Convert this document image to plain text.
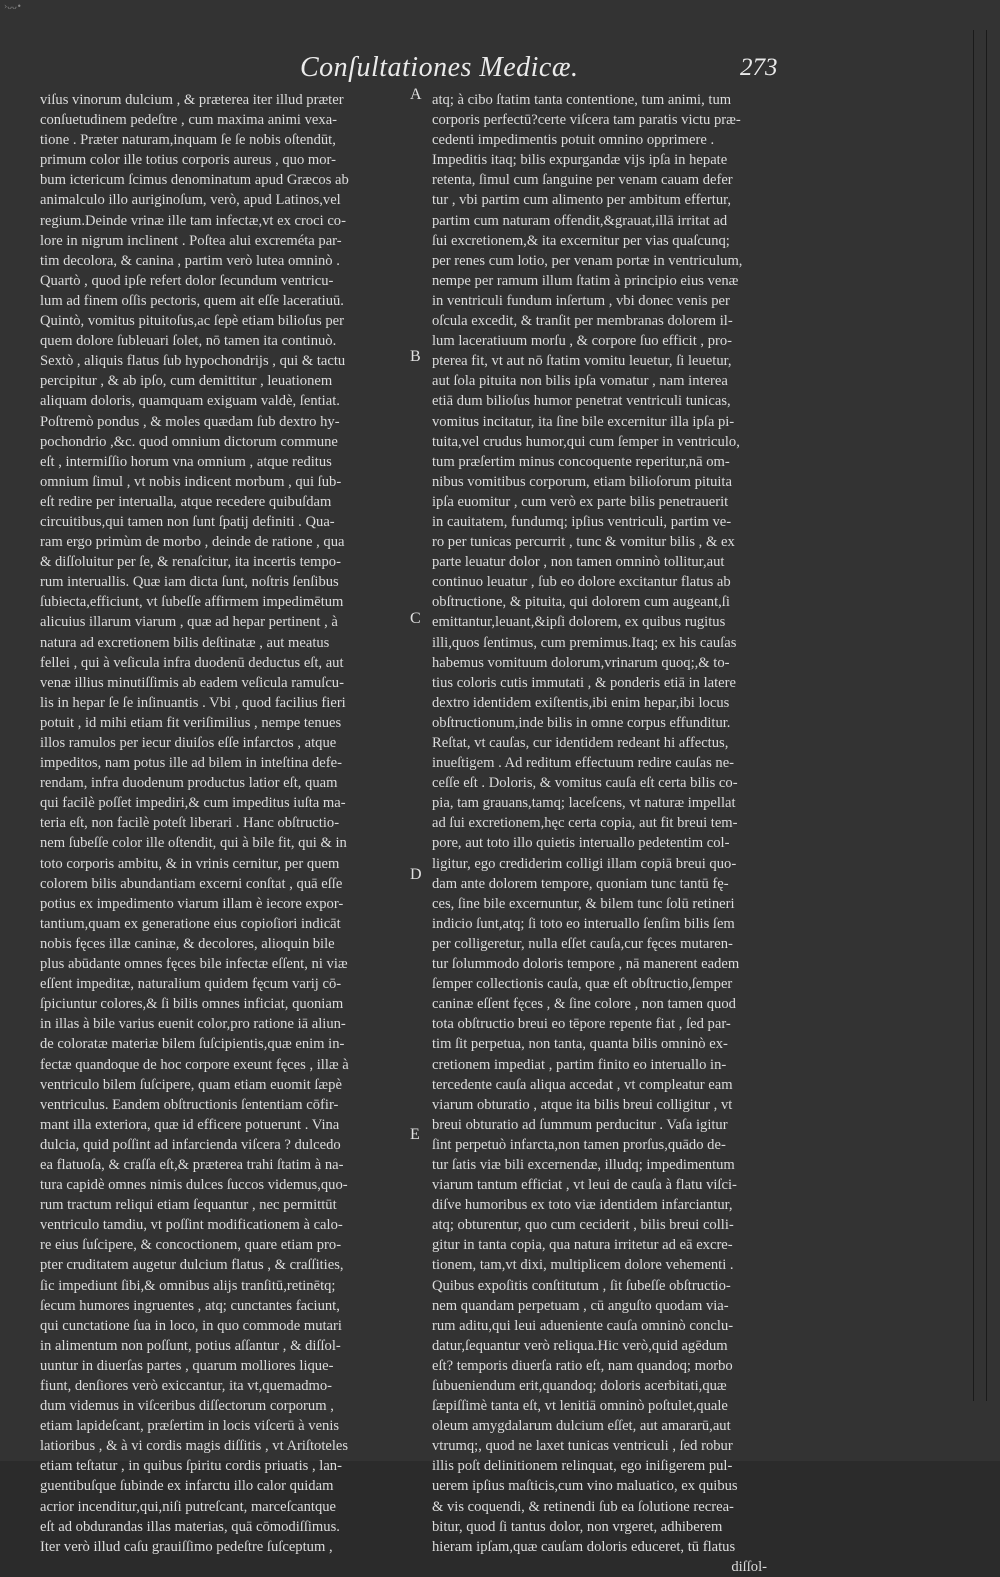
›ᴗᴗ•
Conſultationes Medicæ.	273
viſus vinorum dulcium , & præterea iter illud præter
conſuetudinem pedeſtre , cum maxima animi vexa-
tione . Præter naturam,inquam ſe ſe nobis oſtendūt,
primum color ille totius corporis aureus , quo mor-
bum ictericum ſcimus denominatum apud Græcos ab
animalculo illo auriginoſum, verò, apud Latinos,vel
regium.Deinde vrinæ ille tam infectæ,vt ex croci co-
lore in nigrum inclinent . Poſtea alui excreméta par-
tim decolora, & canina , partim verò lutea omninò .
Quartò , quod ipſe refert dolor ſecundum ventricu-
lum ad finem oſſis pectoris, quem ait eſſe laceratiuū.
Quintò, vomitus pituitoſus,ac ſepè etiam bilioſus per
quem dolore ſubleuari ſolet, nō tamen ita continuò.
Sextò , aliquis flatus ſub hypochondrijs , qui & tactu
percipitur , & ab ipſo, cum demittitur , leuationem
aliquam doloris, quamquam exiguam valdè, ſentiat.
Poſtremò pondus , & moles quædam ſub dextro hy-
pochondrio ,&c. quod omnium dictorum commune
eſt , intermiſſio horum vna omnium , atque reditus
omnium ſimul , vt nobis indicent morbum , qui ſub-
eſt redire per interualla, atque recedere quibuſdam
circuitibus,qui tamen non ſunt ſpatij definiti . Qua-
ram ergo primùm de morbo , deinde de ratione , qua
& diſſoluitur per ſe, & renaſcitur, ita incertis tempo-
rum interuallis. Quæ iam dicta ſunt, noſtris ſenſibus
ſubiecta,efficiunt, vt ſubeſſe affirmem impedimētum
alicuius illarum viarum , quæ ad hepar pertinent , à
natura ad excretionem bilis deſtinatæ , aut meatus
fellei , qui à veſicula infra duodenū deductus eſt, aut
venæ illius minutiſſimis ab eadem veſicula ramuſcu-
lis in hepar ſe ſe inſinuantis . Vbi , quod facilius fieri
potuit , id mihi etiam fit veriſimilius , nempe tenues
illos ramulos per iecur diuiſos eſſe infarctos , atque
impeditos, nam potus ille ad bilem in inteſtina defe-
rendam, infra duodenum productus latior eſt, quam
qui facilè poſſet impediri,& cum impeditus iuſta ma-
teria eſt, non facilè poteſt liberari . Hanc obſtructio-
nem ſubeſſe color ille oſtendit, qui à bile fit, qui & in
toto corporis ambitu, & in vrinis cernitur, per quem
colorem bilis abundantiam excerni conſtat , quā eſſe
potius ex impedimento viarum illam è iecore expor-
tantium,quam ex generatione eius copioſiori indicāt
nobis fęces illæ caninæ, & decolores, alioquin bile
plus abūdante omnes fęces bile infectæ eſſent, ni viæ
eſſent impeditæ, naturalium quidem fęcum varij cō-
ſpiciuntur colores,& ſi bilis omnes inficiat, quoniam
in illas à bile varius euenit color,pro ratione iā aliun-
de coloratæ materiæ bilem ſuſcipientis,quæ enim in-
fectæ quandoque de hoc corpore exeunt fęces , illæ à
ventriculo bilem ſuſcipere, quam etiam euomit ſæpè
ventriculus. Eandem obſtructionis ſententiam cōfir-
mant illa exteriora, quæ id efficere potuerunt . Vina
dulcia, quid poſſint ad infarcienda viſcera ? dulcedo
ea flatuoſa, & craſſa eſt,& præterea trahi ſtatim à na-
tura capidè omnes nimis dulces ſuccos videmus,quo-
rum tractum reliqui etiam ſequantur , nec permittūt
ventriculo tamdiu, vt poſſint modificationem à calo-
re eius ſuſcipere, & concoctionem, quare etiam pro-
pter cruditatem augetur dulcium flatus , & craſſities,
ſic impediunt ſibi,& omnibus alijs tranſitū,retinētq;
ſecum humores ingruentes , atq; cunctantes faciunt,
qui cunctatione ſua in loco, in quo commode mutari
in alimentum non poſſunt, potius aſſantur , & diſſol-
uuntur in diuerſas partes , quarum molliores lique-
fiunt, denſiores verò exiccantur, ita vt,quemadmo-
dum videmus in viſceribus diſſectorum corporum ,
etiam lapideſcant, præſertim in locis viſcerū à venis
latioribus , & à vi cordis magis diſſitis , vt Ariſtoteles
etiam teſtatur , in quibus ſpiritu cordis priuatis , lan-
guentibuſque ſubinde ex infarctu illo calor quidam
acrior incenditur,qui,niſi putreſcant, marceſcantque
eſt ad obdurandas illas materias, quā cōmodiſſimus.
Iter verò illud caſu grauiſſimo pedeſtre ſuſceptum ,
atq; à cibo ſtatim tanta contentione, tum animi, tum
corporis perfectū?certe viſcera tam paratis victu præ-
cedenti impedimentis potuit omnino opprimere .
Impeditis itaq; bilis expurgandæ vijs ipſa in hepate
retenta, ſimul cum ſanguine per venam cauam defer
tur , vbi partim cum alimento per ambitum effertur,
partim cum naturam offendit,&grauat,illā irritat ad
ſui excretionem,& ita excernitur per vias quaſcunq;
per renes cum lotio, per venam portæ in ventriculum,
nempe per ramum illum ſtatim à principio eius venæ
in ventriculi fundum inſertum , vbi donec venis per
oſcula excedit, & tranſit per membranas dolorem il-
lum laceratiuum morſu , & corpore ſuo efficit , pro-
pterea fit, vt aut nō ſtatim vomitu leuetur, ſi leuetur,
aut ſola pituita non bilis ipſa vomatur , nam interea
etiā dum bilioſus humor penetrat ventriculi tunicas,
vomitus incitatur, ita ſine bile excernitur illa ipſa pi-
tuita,vel crudus humor,qui cum ſemper in ventriculo,
tum præſertim minus concoquente reperitur,nā om-
nibus vomitibus corporum, etiam bilioſorum pituita
ipſa euomitur , cum verò ex parte bilis penetrauerit
in cauitatem, fundumq; ipſius ventriculi, partim ve-
ro per tunicas percurrit , tunc & vomitur bilis , & ex
parte leuatur dolor , non tamen omninò tollitur,aut
continuo leuatur , ſub eo dolore excitantur flatus ab
obſtructione, & pituita, qui dolorem cum augeant,ſi
emittantur,leuant,&ipſi dolorem, ex quibus rugitus
illi,quos ſentimus, cum premimus.Itaq; ex his cauſas
habemus vomituum dolorum,vrinarum quoq;,& to-
tius coloris cutis immutati , & ponderis etiā in latere
dextro identidem exiſtentis,ibi enim hepar,ibi locus
obſtructionum,inde bilis in omne corpus effunditur.
Reſtat, vt cauſas, cur identidem redeant hi affectus,
inueſtigem . Ad reditum effectuum redire cauſas ne-
ceſſe eſt . Doloris, & vomitus cauſa eſt certa bilis co-
pia, tam grauans,tamq; laceſcens, vt naturæ impellat
ad ſui excretionem,hęc certa copia, aut fit breui tem-
pore, aut toto illo quietis interuallo pedetentim col-
ligitur, ego crediderim colligi illam copiā breui quo-
dam ante dolorem tempore, quoniam tunc tantū fę-
ces, ſine bile excernuntur, & bilem tunc ſolū retineri
indicio ſunt,atq; ſi toto eo interuallo ſenſim bilis ſem
per colligeretur, nulla eſſet cauſa,cur fęces mutaren-
tur ſolummodo doloris tempore , nā manerent eadem
ſemper collectionis cauſa, quæ eſt obſtructio,ſemper
caninæ eſſent fęces , & ſine colore , non tamen quod
tota obſtructio breui eo tēpore repente fiat , ſed par-
tim ſit perpetua, non tanta, quanta bilis omninò ex-
cretionem impediat , partim finito eo interuallo in-
tercedente cauſa aliqua accedat , vt compleatur eam
viarum obturatio , atque ita bilis breui colligitur , vt
breui obturatio ad ſummum perducitur . Vaſa igitur
ſint perpetuò infarcta,non tamen prorſus,quādo de-
tur ſatis viæ bili excernendæ, illudq; impedimentum
viarum tantum efficiat , vt leui de cauſa à flatu viſci-
diſve humoribus ex toto viæ identidem infarciantur,
atq; obturentur, quo cum ceciderit , bilis breui colli-
gitur in tanta copia, qua natura irritetur ad eā excre-
tionem, tam,vt dixi, multiplicem dolore vehementi .
Quibus expoſitis conſtitutum , ſit ſubeſſe obſtructio-
nem quandam perpetuam , cū anguſto quodam via-
rum aditu,qui leui adueniente cauſa omninò conclu-
datur,ſequantur verò reliqua.Hic verò,quid agēdum
eſt? temporis diuerſa ratio eſt, nam quandoq; morbo
ſubueniendum erit,quandoq; doloris acerbitati,quæ
ſæpiſſimè tanta eſt, vt lenitiā omninò poſtulet,quale
oleum amygdalarum dulcium eſſet, aut amararū,aut
vtrumq;, quod ne laxet tunicas ventriculi , ſed robur
illis poſt delinitionem relinquat, ego iniſigerem pul-
uerem ipſius maſticis,cum vino maluatico, ex quibus
& vis coquendi, & retinendi ſub ea ſolutione recrea-
bitur, quod ſi tantus dolor, non vrgeret, adhiberem
hieram ipſam,quæ cauſam doloris educeret, tū flatus
diſſol-
A
B
C
D
E
